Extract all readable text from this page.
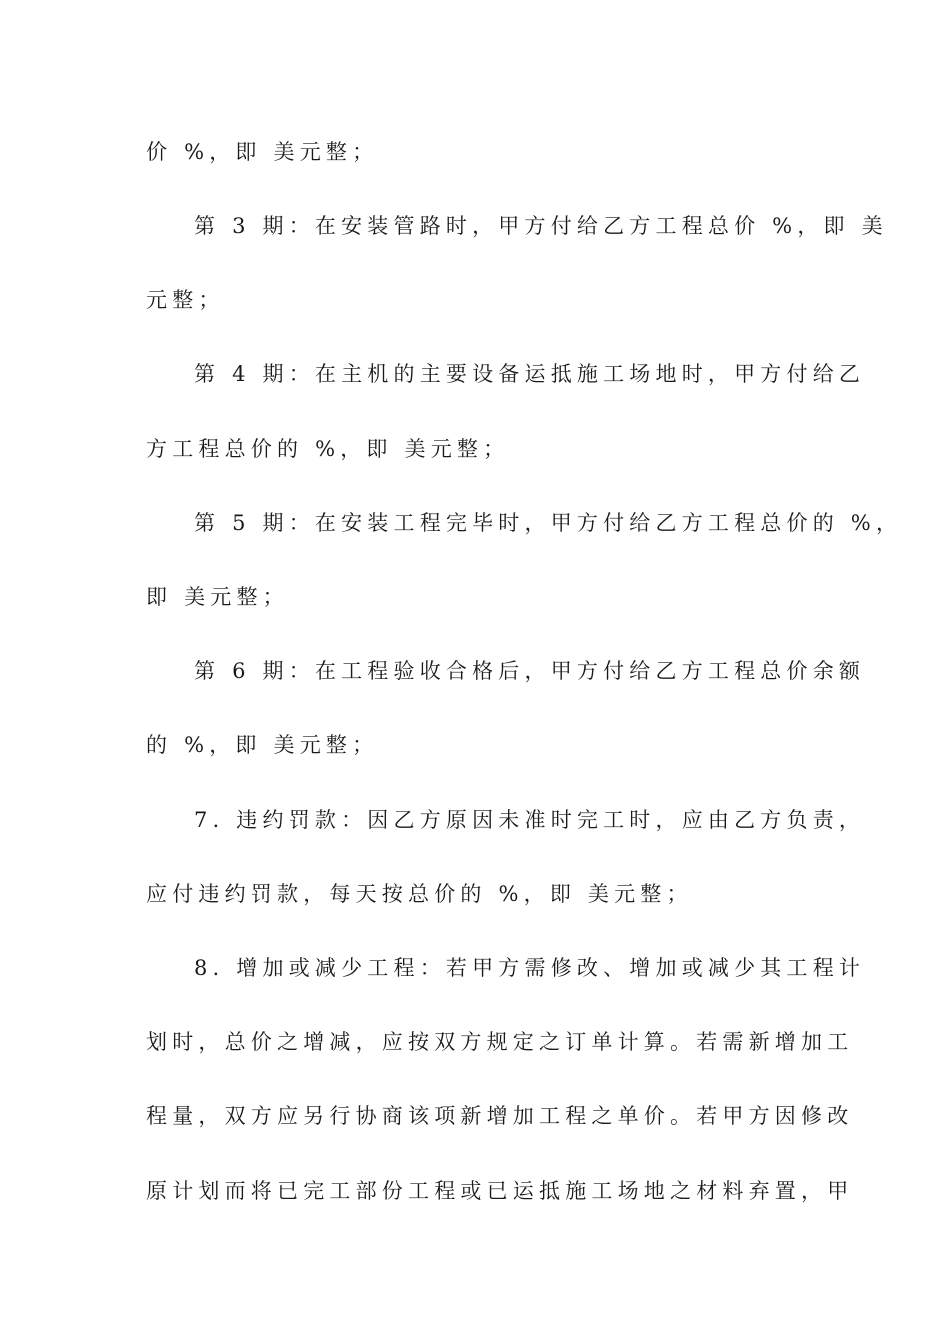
价 %，即 美元整；
第 3 期：在安装管路时，甲方付给乙方工程总价 %，即 美
元整；
第 4 期：在主机的主要设备运抵施工场地时，甲方付给乙
方工程总价的 %，即 美元整；
第 5 期：在安装工程完毕时，甲方付给乙方工程总价的 %，
即 美元整；
第 6 期：在工程验收合格后，甲方付给乙方工程总价余额
的 %，即 美元整；
7. 违约罚款：因乙方原因未准时完工时，应由乙方负责，
应付违约罚款，每天按总价的 %，即 美元整；
8. 增加或减少工程：若甲方需修改、增加或减少其工程计
划时，总价之增减，应按双方规定之订单计算。若需新增加工
程量，双方应另行协商该项新增加工程之单价。若甲方因修改
原计划而将已完工部份工程或已运抵施工场地之材料弃置，甲
